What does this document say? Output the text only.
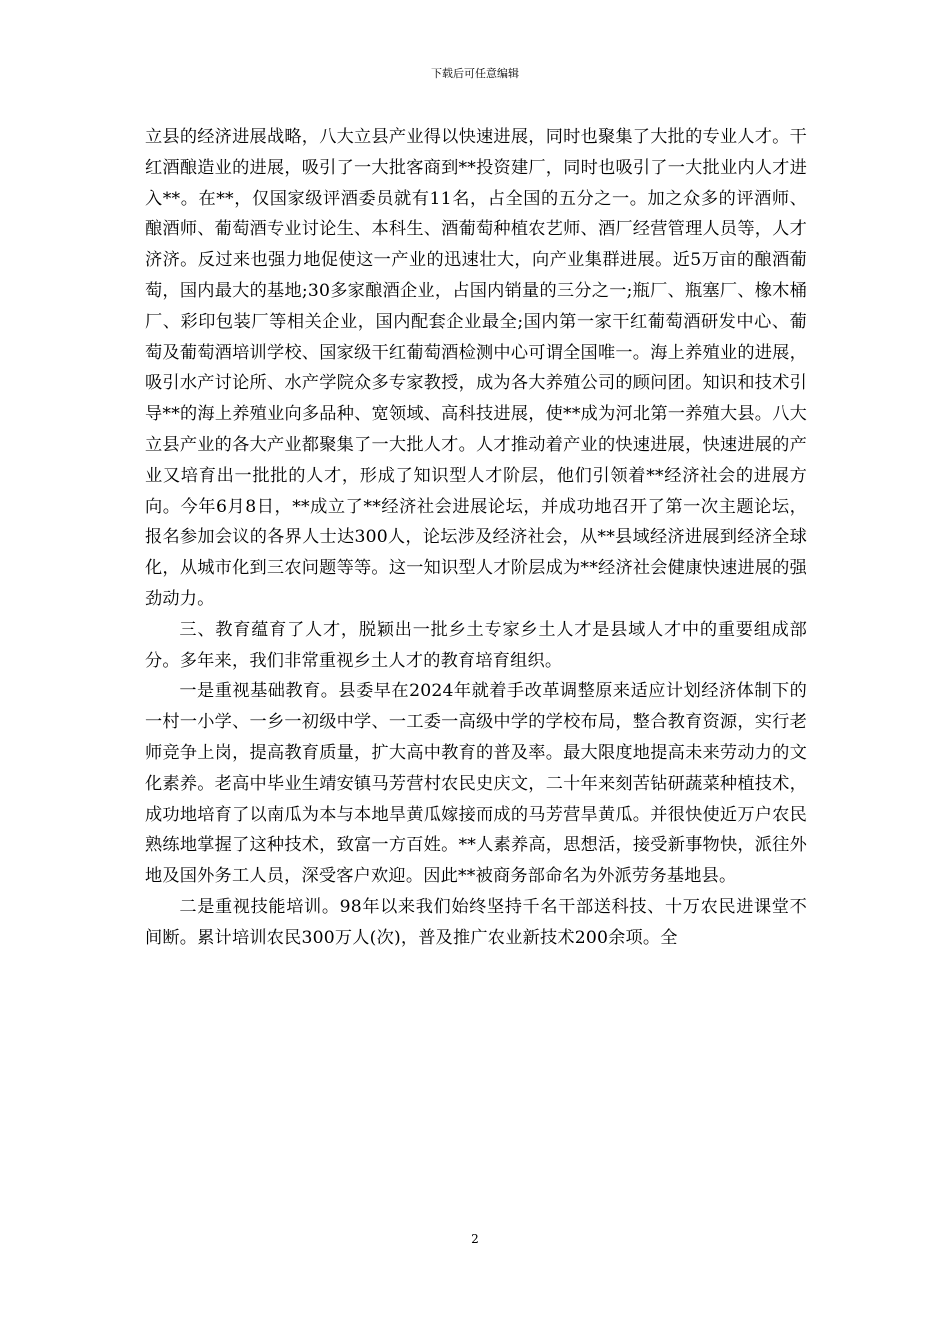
下载后可任意编辑

立县的经济进展战略，八大立县产业得以快速进展，同时也聚集了大批的专业人才。干红酒酿造业的进展，吸引了一大批客商到**投资建厂，同时也吸引了一大批业内人才进入**。在**，仅国家级评酒委员就有11名，占全国的五分之一。加之众多的评酒师、酿酒师、葡萄酒专业讨论生、本科生、酒葡萄种植农艺师、酒厂经营管理人员等，人才济济。反过来也强力地促使这一产业的迅速壮大，向产业集群进展。近5万亩的酿酒葡萄，国内最大的基地;30多家酿酒企业，占国内销量的三分之一;瓶厂、瓶塞厂、橡木桶厂、彩印包装厂等相关企业，国内配套企业最全;国内第一家干红葡萄酒研发中心、葡萄及葡萄酒培训学校、国家级干红葡萄酒检测中心可谓全国唯一。海上养殖业的进展，吸引水产讨论所、水产学院众多专家教授，成为各大养殖公司的顾问团。知识和技术引导**的海上养殖业向多品种、宽领域、高科技进展，使**成为河北第一养殖大县。八大立县产业的各大产业都聚集了一大批人才。人才推动着产业的快速进展，快速进展的产业又培育出一批批的人才，形成了知识型人才阶层，他们引领着**经济社会的进展方向。今年6月8日，**成立了**经济社会进展论坛，并成功地召开了第一次主题论坛，报名参加会议的各界人士达300人，论坛涉及经济社会，从**县域经济进展到经济全球化，从城市化到三农问题等等。这一知识型人才阶层成为**经济社会健康快速进展的强劲动力。

三、教育蕴育了人才，脱颖出一批乡土专家乡土人才是县域人才中的重要组成部分。多年来，我们非常重视乡土人才的教育培育组织。

一是重视基础教育。县委早在2024年就着手改革调整原来适应计划经济体制下的一村一小学、一乡一初级中学、一工委一高级中学的学校布局，整合教育资源，实行老师竞争上岗，提高教育质量，扩大高中教育的普及率。最大限度地提高未来劳动力的文化素养。老高中毕业生靖安镇马芳营村农民史庆文，二十年来刻苦钻研蔬菜种植技术，成功地培育了以南瓜为本与本地旱黄瓜嫁接而成的马芳营旱黄瓜。并很快使近万户农民熟练地掌握了这种技术，致富一方百姓。**人素养高，思想活，接受新事物快，派往外地及国外务工人员，深受客户欢迎。因此**被商务部命名为外派劳务基地县。

二是重视技能培训。98年以来我们始终坚持千名干部送科技、十万农民进课堂不间断。累计培训农民300万人(次)，普及推广农业新技术200余项。全

2
